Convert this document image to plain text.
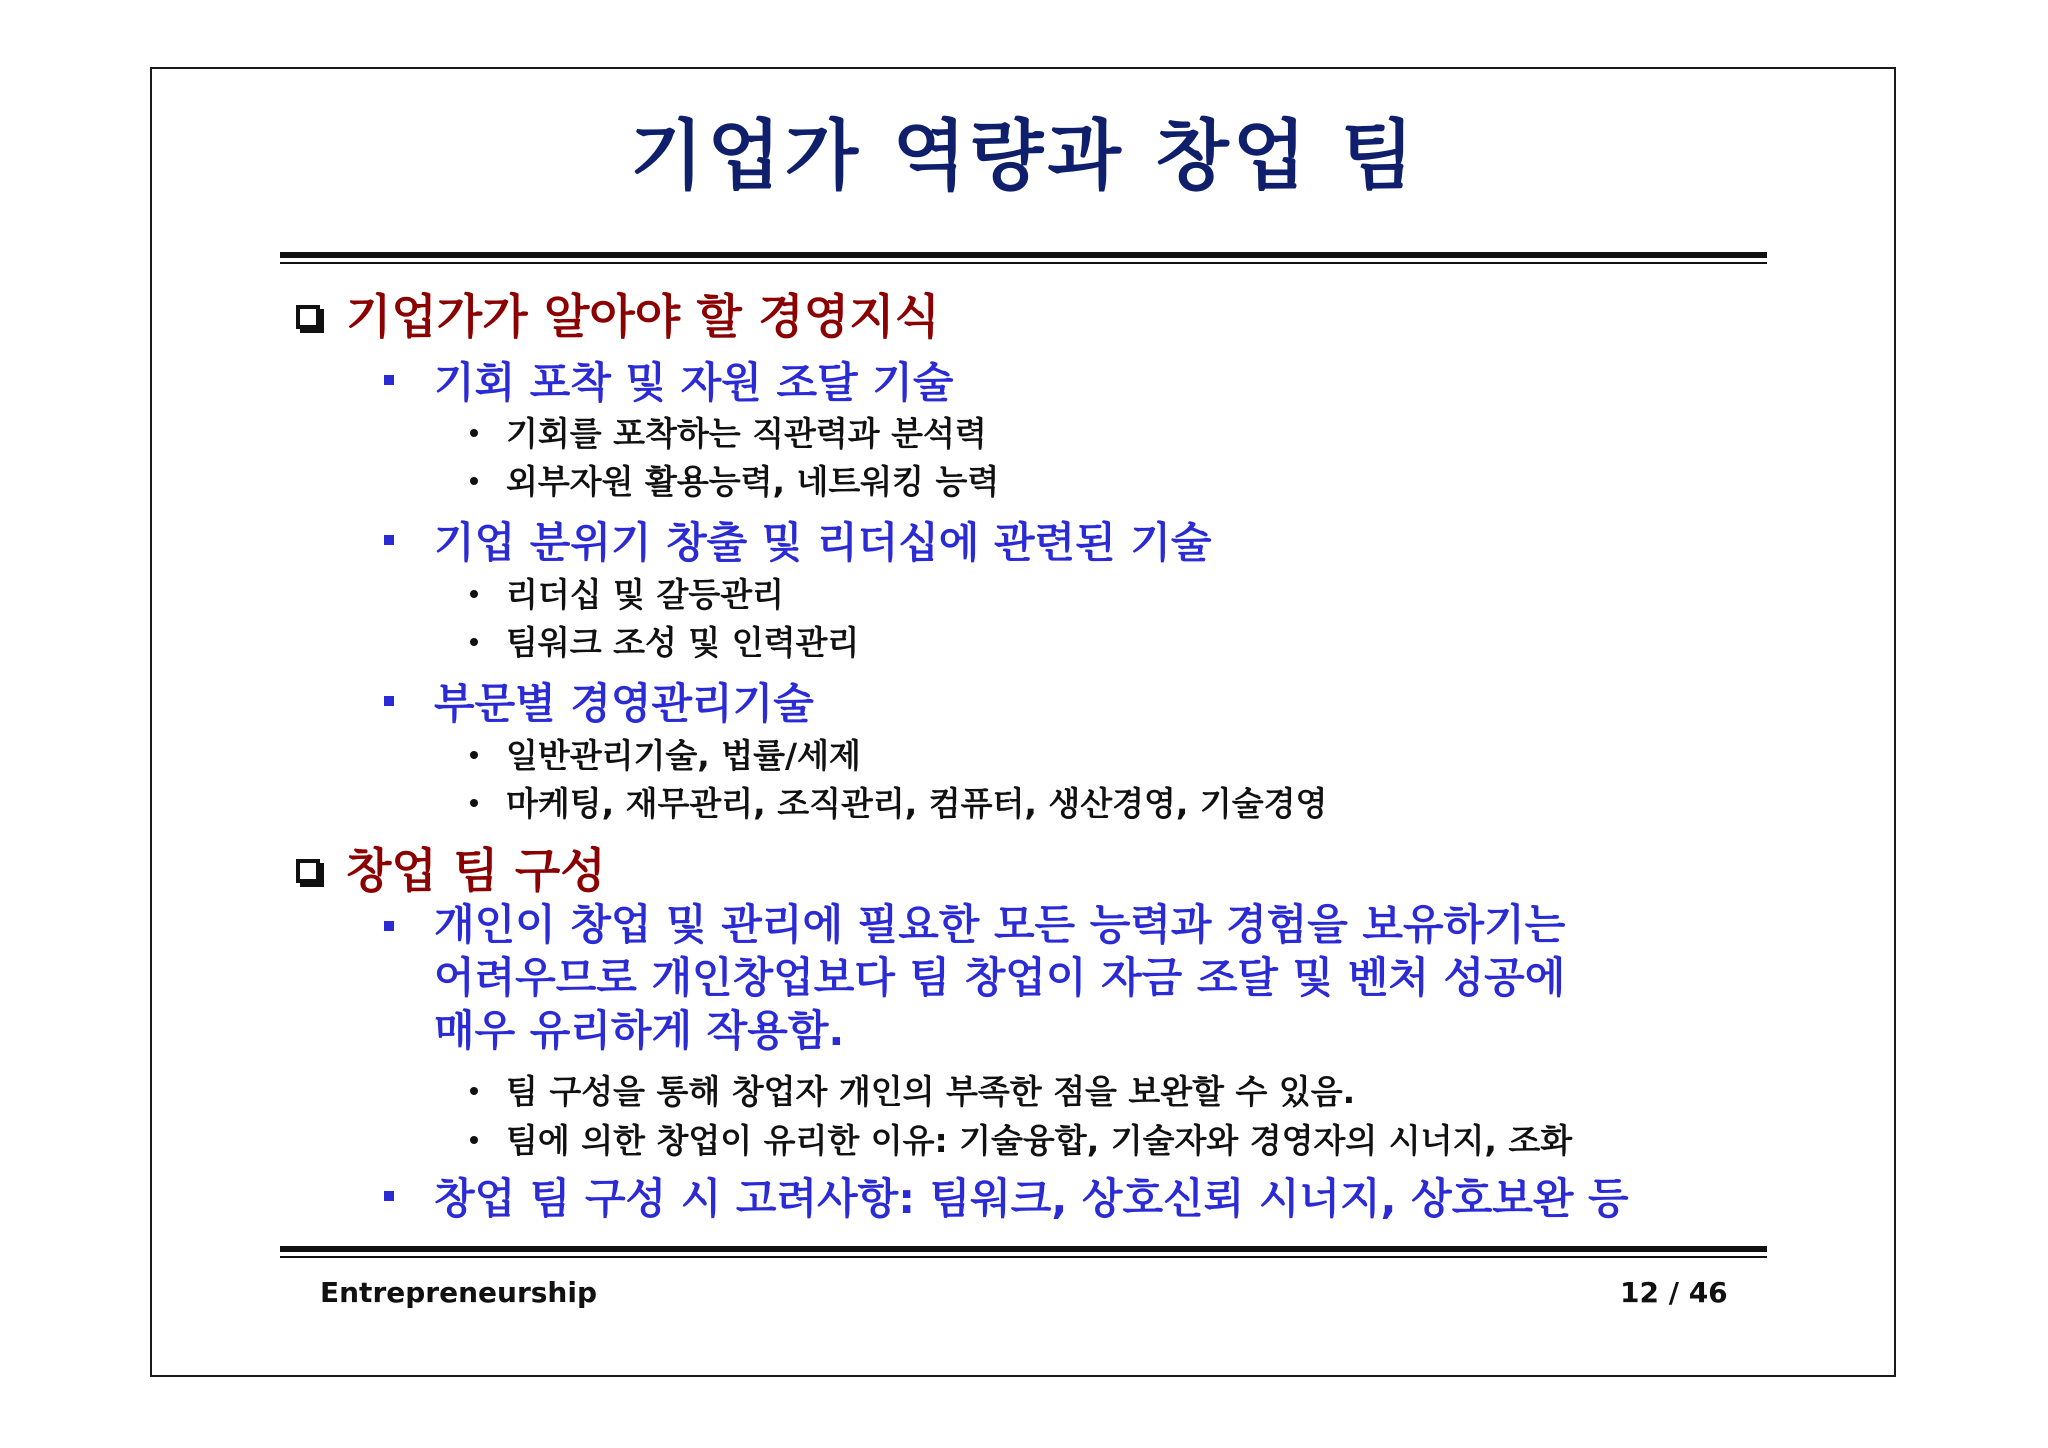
기업가 역량과 창업 팀
기업가가 알아야 할 경영지식
기회 포착 및 자원 조달 기술
기회를 포착하는 직관력과 분석력
외부자원 활용능력, 네트워킹 능력
기업 분위기 창출 및 리더십에 관련된 기술
리더십 및 갈등관리
팀워크 조성 및 인력관리
부문별 경영관리기술
일반관리기술, 법률/세제
마케팅, 재무관리, 조직관리, 컴퓨터, 생산경영, 기술경영
창업 팀 구성
개인이 창업 및 관리에 필요한 모든 능력과 경험을 보유하기는
어려우므로 개인창업보다 팀 창업이 자금 조달 및 벤처 성공에
매우 유리하게 작용함.
팀 구성을 통해 창업자 개인의 부족한 점을 보완할 수 있음.
팀에 의한 창업이 유리한 이유: 기술융합, 기술자와 경영자의 시너지, 조화
창업 팀 구성 시 고려사항: 팀워크, 상호신뢰 시너지, 상호보완 등
Entrepreneurship	12 / 46
